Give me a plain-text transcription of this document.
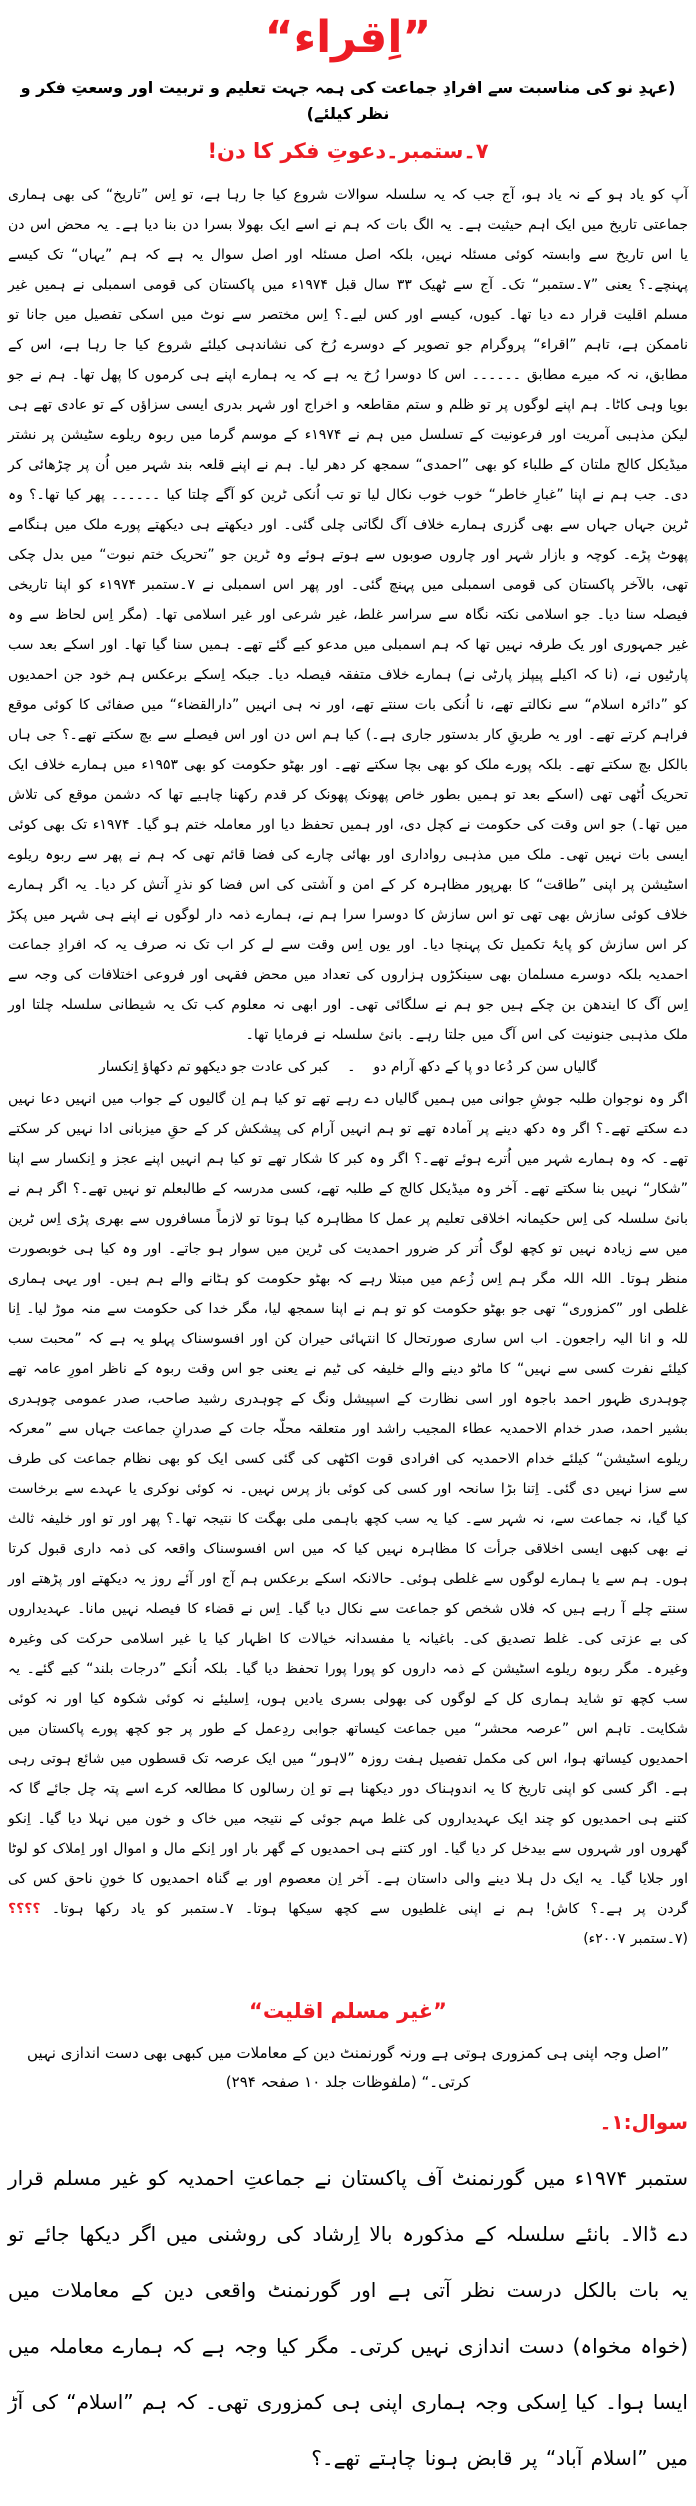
”اِقراء“
(عہدِ نو کی مناسبت سے افرادِ جماعت کی ہمہ جہت تعلیم و تربیت اور وسعتِ فکر و نظر کیلئے)
۷۔ستمبر۔دعوتِ فکر کا دن!

آپ کو یاد ہو کے نہ یاد ہو، آج جب کہ یہ سلسلہ سوالات شروع کیا جا رہا ہے، تو اِس ”تاریخ“ کی بھی ہماری جماعتی تاریخ میں ایک اہم حیثیت ہے۔ یہ الگ بات کہ ہم نے اسے ایک بھولا بسرا دن بنا دیا ہے۔ یہ محض اس دن یا اس تاریخ سے وابستہ کوئی مسئلہ نہیں، بلکہ اصل مسئلہ اور اصل سوال یہ ہے کہ ہم ”یہاں“ تک کیسے پہنچے۔؟ یعنی ”۷۔ستمبر“ تک۔ آج سے ٹھیک ۳۳ سال قبل ۱۹۷۴ء میں پاکستان کی قومی اسمبلی نے ہمیں غیر مسلم اقلیت قرار دے دیا تھا۔ کیوں، کیسے اور کس لیے۔؟ اِس مختصر سے نوٹ میں اسکی تفصیل میں جانا تو ناممکن ہے، تاہم ”اقراء“ پروگرام جو تصویر کے دوسرے رُخ کی نشاندہی کیلئے شروع کیا جا رہا ہے، اس کے مطابق، نہ کہ میرے مطابق ۔۔۔۔۔۔ اس کا دوسرا رُخ یہ ہے کہ یہ ہمارے اپنے ہی کرموں کا پھل تھا۔ ہم نے جو بویا وہی کاٹا۔ ہم اپنے لوگوں پر تو ظلم و ستم مقاطعہ و اخراج اور شہر بدری ایسی سزاؤں کے تو عادی تھے ہی لیکن مذہبی آمریت اور فرعونیت کے تسلسل میں ہم نے ۱۹۷۴ء کے موسم گرما میں ربوہ ریلوے سٹیشن پر نشتر میڈیکل کالج ملتان کے طلباء کو بھی ”احمدی“ سمجھ کر دھر لیا۔ ہم نے اپنے قلعہ بند شہر میں اُن پر چڑھائی کر دی۔ جب ہم نے اپنا ”غبارِ خاطر“ خوب خوب نکال لیا تو تب اُنکی ٹرین کو آگے چلتا کیا ۔۔۔۔۔۔ پھر کیا تھا۔؟ وہ ٹرین جہاں جہاں سے بھی گزری ہمارے خلاف آگ لگاتی چلی گئی۔ اور دیکھتے ہی دیکھتے پورے ملک میں ہنگامے پھوٹ پڑے۔ کوچہ و بازار شہر اور چاروں صوبوں سے ہوتے ہوئے وہ ٹرین جو ”تحریک ختم نبوت“ میں بدل چکی تھی، بالآخر پاکستان کی قومی اسمبلی میں پہنچ گئی۔ اور پھر اس اسمبلی نے ۷۔ستمبر ۱۹۷۴ء کو اپنا تاریخی فیصلہ سنا دیا۔ جو اسلامی نکتہ نگاہ سے سراسر غلط، غیر شرعی اور غیر اسلامی تھا۔ (مگر اِس لحاظ سے وہ غیر جمہوری اور یک طرفہ نہیں تھا کہ ہم اسمبلی میں مدعو کیے گئے تھے۔ ہمیں سنا گیا تھا۔ اور اسکے بعد سب پارٹیوں نے، (نا کہ اکیلے پیپلز پارٹی نے) ہمارے خلاف متفقہ فیصلہ دیا۔ جبکہ اِسکے برعکس ہم خود جن احمدیوں کو ”دائرہ اسلام“ سے نکالتے تھے، نا اُنکی بات سنتے تھے، اور نہ ہی انہیں ”دارالقضاء“ میں صفائی کا کوئی موقع فراہم کرتے تھے۔ اور یہ طریقِ کار بدستور جاری ہے۔) کیا ہم اس دن اور اس فیصلے سے بچ سکتے تھے۔؟ جی ہاں بالکل بچ سکتے تھے۔ بلکہ پورے ملک کو بھی بچا سکتے تھے۔ اور بھٹو حکومت کو بھی ۱۹۵۳ء میں ہمارے خلاف ایک تحریک اُٹھی تھی (اسکے بعد تو ہمیں بطور خاص پھونک پھونک کر قدم رکھنا چاہیے تھا کہ دشمن موقع کی تلاش میں تھا۔) جو اس وقت کی حکومت نے کچل دی، اور ہمیں تحفظ دیا اور معاملہ ختم ہو گیا۔ ۱۹۷۴ء تک بھی کوئی ایسی بات نہیں تھی۔ ملک میں مذہبی رواداری اور بھائی چارے کی فضا قائم تھی کہ ہم نے پھر سے ربوہ ریلوے اسٹیشن پر اپنی ”طاقت“ کا بھرپور مظاہرہ کر کے امن و آشتی کی اس فضا کو نذرِ آتش کر دیا۔ یہ اگر ہمارے خلاف کوئی سازش بھی تھی تو اس سازش کا دوسرا سرا ہم نے، ہمارے ذمہ دار لوگوں نے اپنے ہی شہر میں پکڑ کر اس سازش کو پایۂ تکمیل تک پہنچا دیا۔ اور یوں اِس وقت سے لے کر اب تک نہ صرف یہ کہ افرادِ جماعت احمدیہ بلکہ دوسرے مسلمان بھی سینکڑوں ہزاروں کی تعداد میں محض فقہی اور فروعی اختلافات کی وجہ سے اِس آگ کا ایندھن بن چکے ہیں جو ہم نے سلگائی تھی۔ اور ابھی نہ معلوم کب تک یہ شیطانی سلسلہ چلتا اور ملک مذہبی جنونیت کی اس آگ میں جلتا رہے۔ بانئ سلسلہ نے فرمایا تھا۔

گالیاں سن کر دُعا دو پا کے دکھ آرام دو۔کبر کی عادت جو دیکھو تم دکھاؤ اِنکسار

اگر وہ نوجوان طلبہ جوشِ جوانی میں ہمیں گالیاں دے رہے تھے تو کیا ہم اِن گالیوں کے جواب میں انہیں دعا نہیں دے سکتے تھے۔؟ اگر وہ دکھ دینے پر آمادہ تھے تو ہم انہیں آرام کی پیشکش کر کے حقِ میزبانی ادا نہیں کر سکتے تھے۔ کہ وہ ہمارے شہر میں اُترے ہوئے تھے۔؟ اگر وہ کبر کا شکار تھے تو کیا ہم انہیں اپنے عجز و اِنکسار سے اپنا ”شکار“ نہیں بنا سکتے تھے۔ آخر وہ میڈیکل کالج کے طلبہ تھے، کسی مدرسہ کے طالبعلم تو نہیں تھے۔؟ اگر ہم نے بانئ سلسلہ کی اِس حکیمانہ اخلاقی تعلیم پر عمل کا مظاہرہ کیا ہوتا تو لازماً مسافروں سے بھری پڑی اِس ٹرین میں سے زیادہ نہیں تو کچھ لوگ اُتر کر ضرور احمدیت کی ٹرین میں سوار ہو جاتے۔ اور وہ کیا ہی خوبصورت منظر ہوتا۔ اللہ اللہ مگر ہم اِس زُعم میں مبتلا رہے کہ بھٹو حکومت کو ہٹانے والے ہم ہیں۔ اور یہی ہماری غلطی اور ”کمزوری“ تھی جو بھٹو حکومت کو تو ہم نے اپنا سمجھ لیا، مگر خدا کی حکومت سے منہ موڑ لیا۔ اِنا للہ و انا الیہ راجعون۔ اب اس ساری صورتحال کا انتہائی حیران کن اور افسوسناک پہلو یہ ہے کہ ”محبت سب کیلئے نفرت کسی سے نہیں“ کا ماٹو دینے والے خلیفہ کی ٹیم نے یعنی جو اس وقت ربوہ کے ناظر امورِ عامہ تھے چوہدری ظہور احمد باجوہ اور اسی نظارت کے اسپیشل ونگ کے چوہدری رشید صاحب، صدر عمومی چوہدری بشیر احمد، صدر خدام الاحمدیہ عطاء المجیب راشد اور متعلقہ محلّہ جات کے صدرانِ جماعت جہاں سے ”معرکہ ریلوے اسٹیشن“ کیلئے خدام الاحمدیہ کی افرادی قوت اکٹھی کی گئی کسی ایک کو بھی نظام جماعت کی طرف سے سزا نہیں دی گئی۔ اِتنا بڑا سانحہ اور کسی کی کوئی باز پرس نہیں۔ نہ کوئی نوکری یا عہدے سے برخاست کیا گیا، نہ جماعت سے، نہ شہر سے۔ کیا یہ سب کچھ باہمی ملی بھگت کا نتیجہ تھا۔؟ پھر اور تو اور خلیفہ ثالث نے بھی کبھی ایسی اخلاقی جرأت کا مظاہرہ نہیں کیا کہ میں اس افسوسناک واقعہ کی ذمہ داری قبول کرتا ہوں۔ ہم سے یا ہمارے لوگوں سے غلطی ہوئی۔ حالانکہ اسکے برعکس ہم آج اور آئے روز یہ دیکھتے اور پڑھتے اور سنتے چلے آ رہے ہیں کہ فلاں شخص کو جماعت سے نکال دیا گیا۔ اِس نے قضاء کا فیصلہ نہیں مانا۔ عہدیداروں کی بے عزتی کی۔ غلط تصدیق کی۔ باغیانہ یا مفسدانہ خیالات کا اظہار کیا یا غیر اسلامی حرکت کی وغیرہ وغیرہ۔ مگر ربوہ ریلوے اسٹیشن کے ذمہ داروں کو پورا پورا تحفظ دیا گیا۔ بلکہ اُنکے ”درجات بلند“ کیے گئے۔ یہ سب کچھ تو شاید ہماری کل کے لوگوں کی بھولی بسری یادیں ہوں، اِسلیئے نہ کوئی شکوہ کیا اور نہ کوئی شکایت۔ تاہم اس ”عرصہ محشر“ میں جماعت کیساتھ جوابی ردِعمل کے طور پر جو کچھ پورے پاکستان میں احمدیوں کیساتھ ہوا، اس کی مکمل تفصیل ہفت روزہ ”لاہور“ میں ایک عرصہ تک قسطوں میں شائع ہوتی رہی ہے۔ اگر کسی کو اپنی تاریخ کا یہ اندوہناک دور دیکھنا ہے تو اِن رسالوں کا مطالعہ کرے اسے پتہ چل جائے گا کہ کتنے ہی احمدیوں کو چند ایک عہدیداروں کی غلط مہم جوئی کے نتیجہ میں خاک و خون میں نہلا دیا گیا۔ اِنکو گھروں اور شہروں سے بیدخل کر دیا گیا۔ اور کتنے ہی احمدیوں کے گھر بار اور اِنکے مال و اموال اور اِملاک کو لوٹا اور جلایا گیا۔ یہ ایک دل ہلا دینے والی داستان ہے۔ آخر اِن معصوم اور بے گناہ احمدیوں کا خونِ ناحق کس کی گردن پر ہے۔؟ کاش! ہم نے اپنی غلطیوں سے کچھ سیکھا ہوتا۔ ۷۔ستمبر کو یاد رکھا ہوتا۔ ؟؟؟؟ (۷۔ستمبر ۲۰۰۷ء)

”غیر مسلم اقلیت“
”اصل وجہ اپنی ہی کمزوری ہوتی ہے ورنہ گورنمنٹ دین کے معاملات میں کبھی بھی دست اندازی نہیں کرتی۔“ (ملفوظات جلد ۱۰ صفحہ ۲۹۴)
سوال:۱۔

ستمبر ۱۹۷۴ء میں گورنمنٹ آف پاکستان نے جماعتِ احمدیہ کو غیر مسلم قرار دے ڈالا۔ بانئے سلسلہ کے مذکورہ بالا اِرشاد کی روشنی میں اگر دیکھا جائے تو یہ بات بالکل درست نظر آتی ہے اور گورنمنٹ واقعی دین کے معاملات میں (خواہ مخواہ) دست اندازی نہیں کرتی۔ مگر کیا وجہ ہے کہ ہمارے معاملہ میں ایسا ہوا۔ کیا اِسکی وجہ ہماری اپنی ہی کمزوری تھی۔ کہ ہم ”اسلام“ کی آڑ میں ”اسلام آباد“ پر قابض ہونا چاہتے تھے۔؟
